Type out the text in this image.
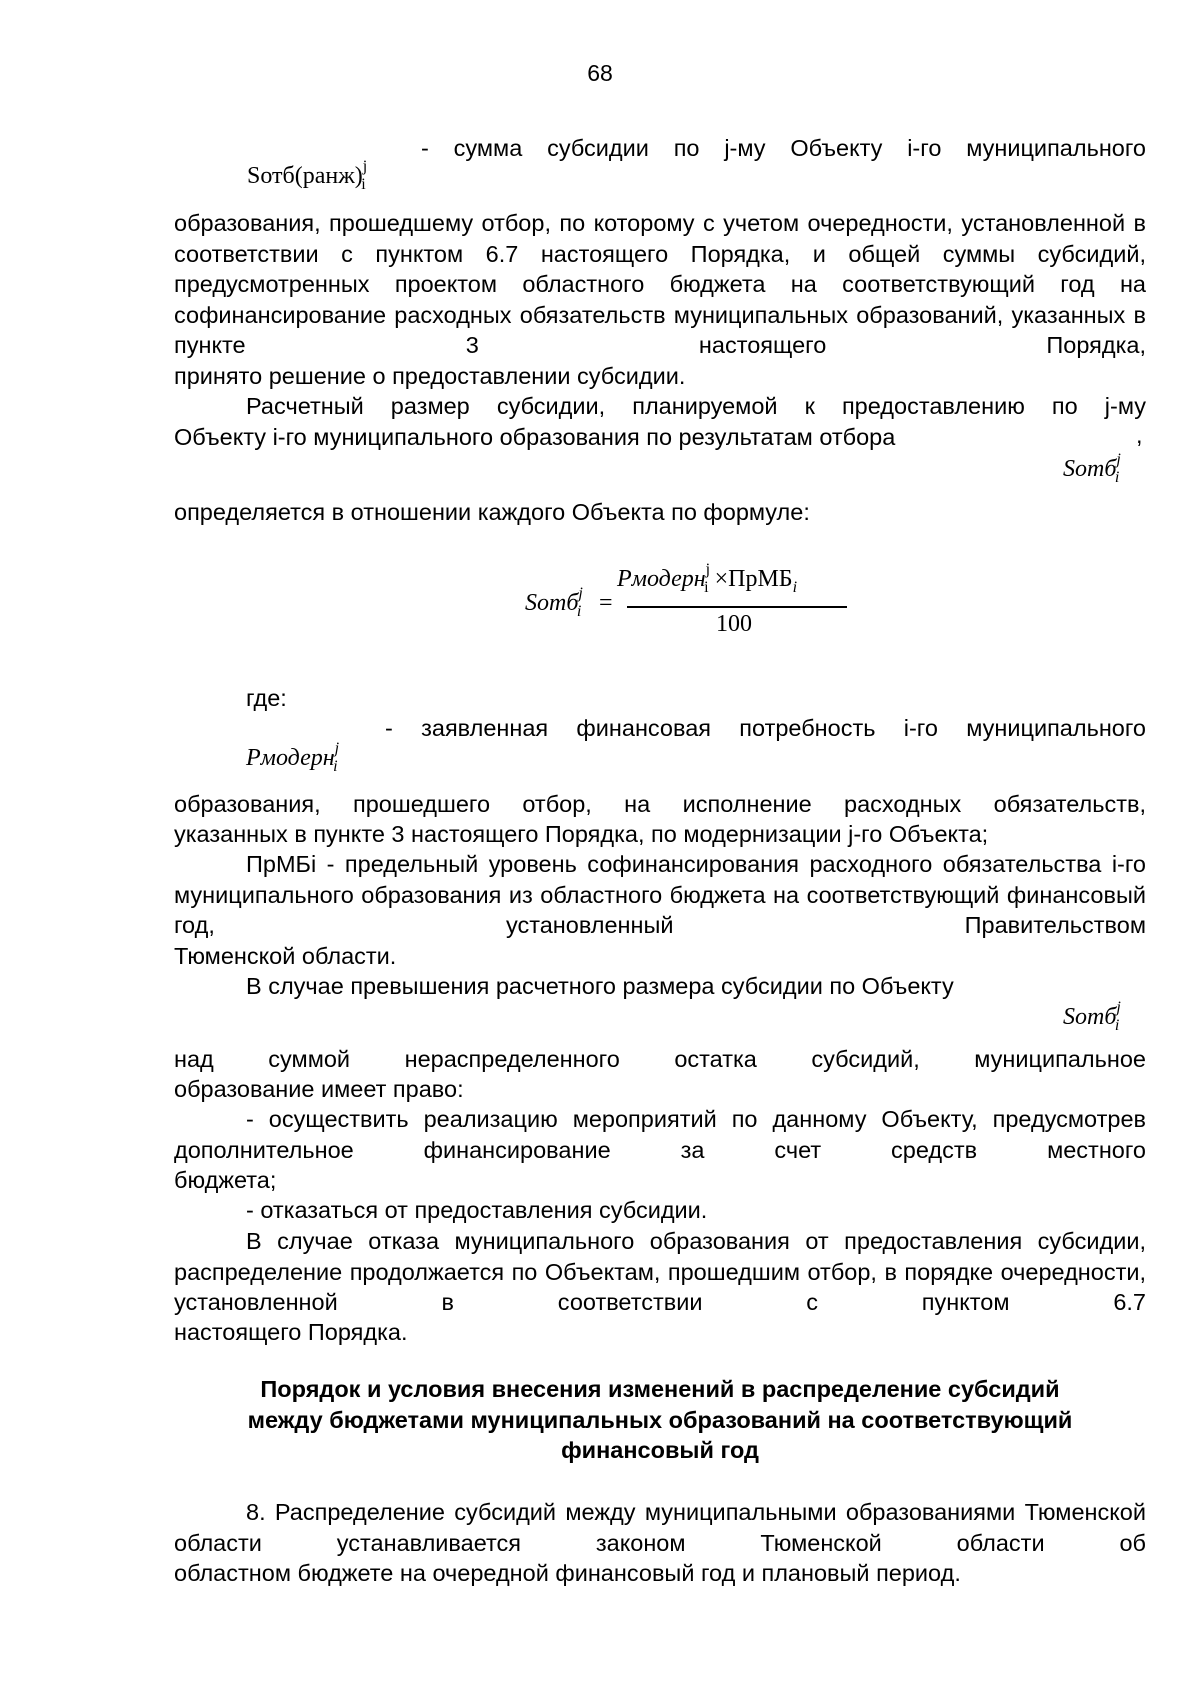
68
Sотб(ранж)$^j_i$
- сумма субсидии по j-му Объекту i-го муниципального
образования, прошедшему отбор, по которому с учетом очередности, установленной в соответствии с пунктом 6.7 настоящего Порядка, и общей суммы субсидий, предусмотренных проектом областного бюджета на соответствующий год на софинансирование расходных обязательств муниципальных образований, указанных в пункте 3 настоящего Порядка,
принято решение о предоставлении субсидии.
Расчетный размер субсидии, планируемой к предоставлению по j-му
Объекту i-го муниципального образования по результатам отбора	,
Sотб$^j_i$
определяется в отношении каждого Объекта по формуле:
Sотб$^j_i$ =
Рмодерн$^j_i$ ×ПрМБ$_i$
100
где:
Рмодерн$^j_i$
- заявленная финансовая потребность i-го муниципального
образования, прошедшего отбор, на исполнение расходных обязательств,
указанных в пункте 3 настоящего Порядка, по модернизации j-го Объекта;
ПрМБi - предельный уровень софинансирования расходного обязательства i-го муниципального образования из областного бюджета на соответствующий финансовый год, установленный Правительством
Тюменской области.
В случае превышения расчетного размера субсидии по Объекту
Sотб$^j_i$
над суммой нераспределенного остатка субсидий, муниципальное
образование имеет право:
- осуществить реализацию мероприятий по данному Объекту, предусмотрев дополнительное финансирование за счет средств местного
бюджета;
- отказаться от предоставления субсидии.
В случае отказа муниципального образования от предоставления субсидии, распределение продолжается по Объектам, прошедшим отбор, в порядке очередности, установленной в соответствии с пунктом 6.7
настоящего Порядка.
Порядок и условия внесения изменений в распределение субсидий
между бюджетами муниципальных образований на соответствующий
финансовый год
8. Распределение субсидий между муниципальными образованиями Тюменской области устанавливается законом Тюменской области об
областном бюджете на очередной финансовый год и плановый период.
